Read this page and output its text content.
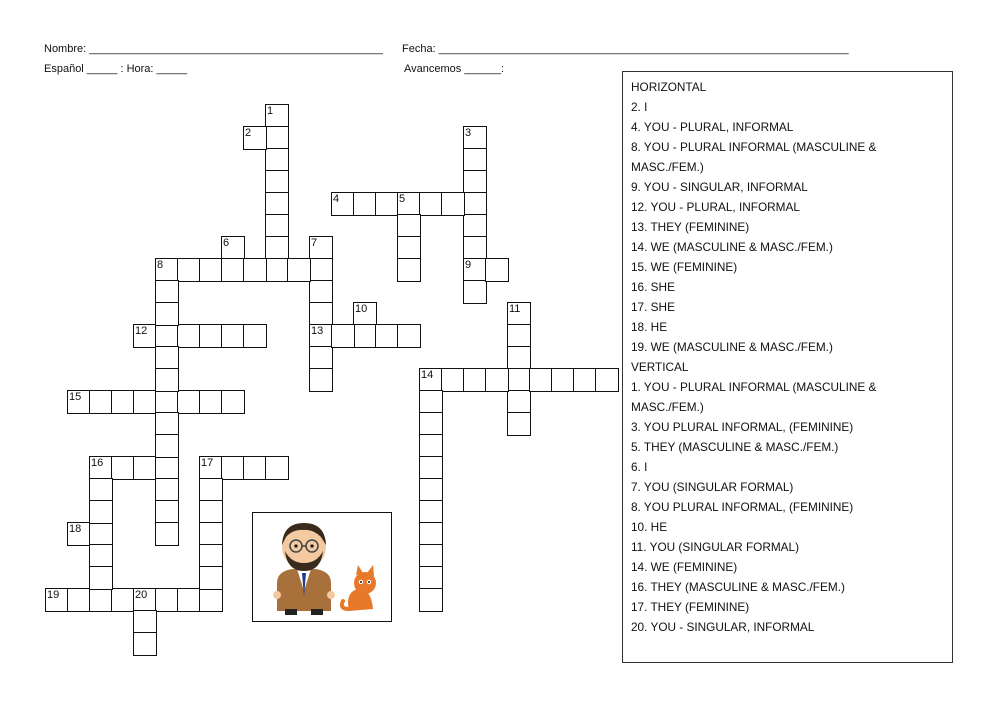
Nombre: ________________________________________________ Fecha: ___________________________________________________________________
Español _____ : Hora: _____	Avancemos ______:
1
2	3
4	5
6	7
8	9
10	11
12	13
14
15
16	17
18
19	20
HORIZONTAL
2. I
4. YOU - PLURAL, INFORMAL
8. YOU - PLURAL INFORMAL (MASCULINE &
MASC./FEM.)
9. YOU - SINGULAR, INFORMAL
12. YOU - PLURAL, INFORMAL
13. THEY (FEMININE)
14. WE (MASCULINE & MASC./FEM.)
15. WE (FEMININE)
16. SHE
17. SHE
18. HE
19. WE (MASCULINE & MASC./FEM.)
VERTICAL
1. YOU - PLURAL INFORMAL (MASCULINE &
MASC./FEM.)
3. YOU PLURAL INFORMAL, (FEMININE)
5. THEY (MASCULINE & MASC./FEM.)
6. I
7. YOU (SINGULAR FORMAL)
8. YOU PLURAL INFORMAL, (FEMININE)
10. HE
11. YOU (SINGULAR FORMAL)
14. WE (FEMININE)
16. THEY (MASCULINE & MASC./FEM.)
17. THEY (FEMININE)
20. YOU - SINGULAR, INFORMAL
